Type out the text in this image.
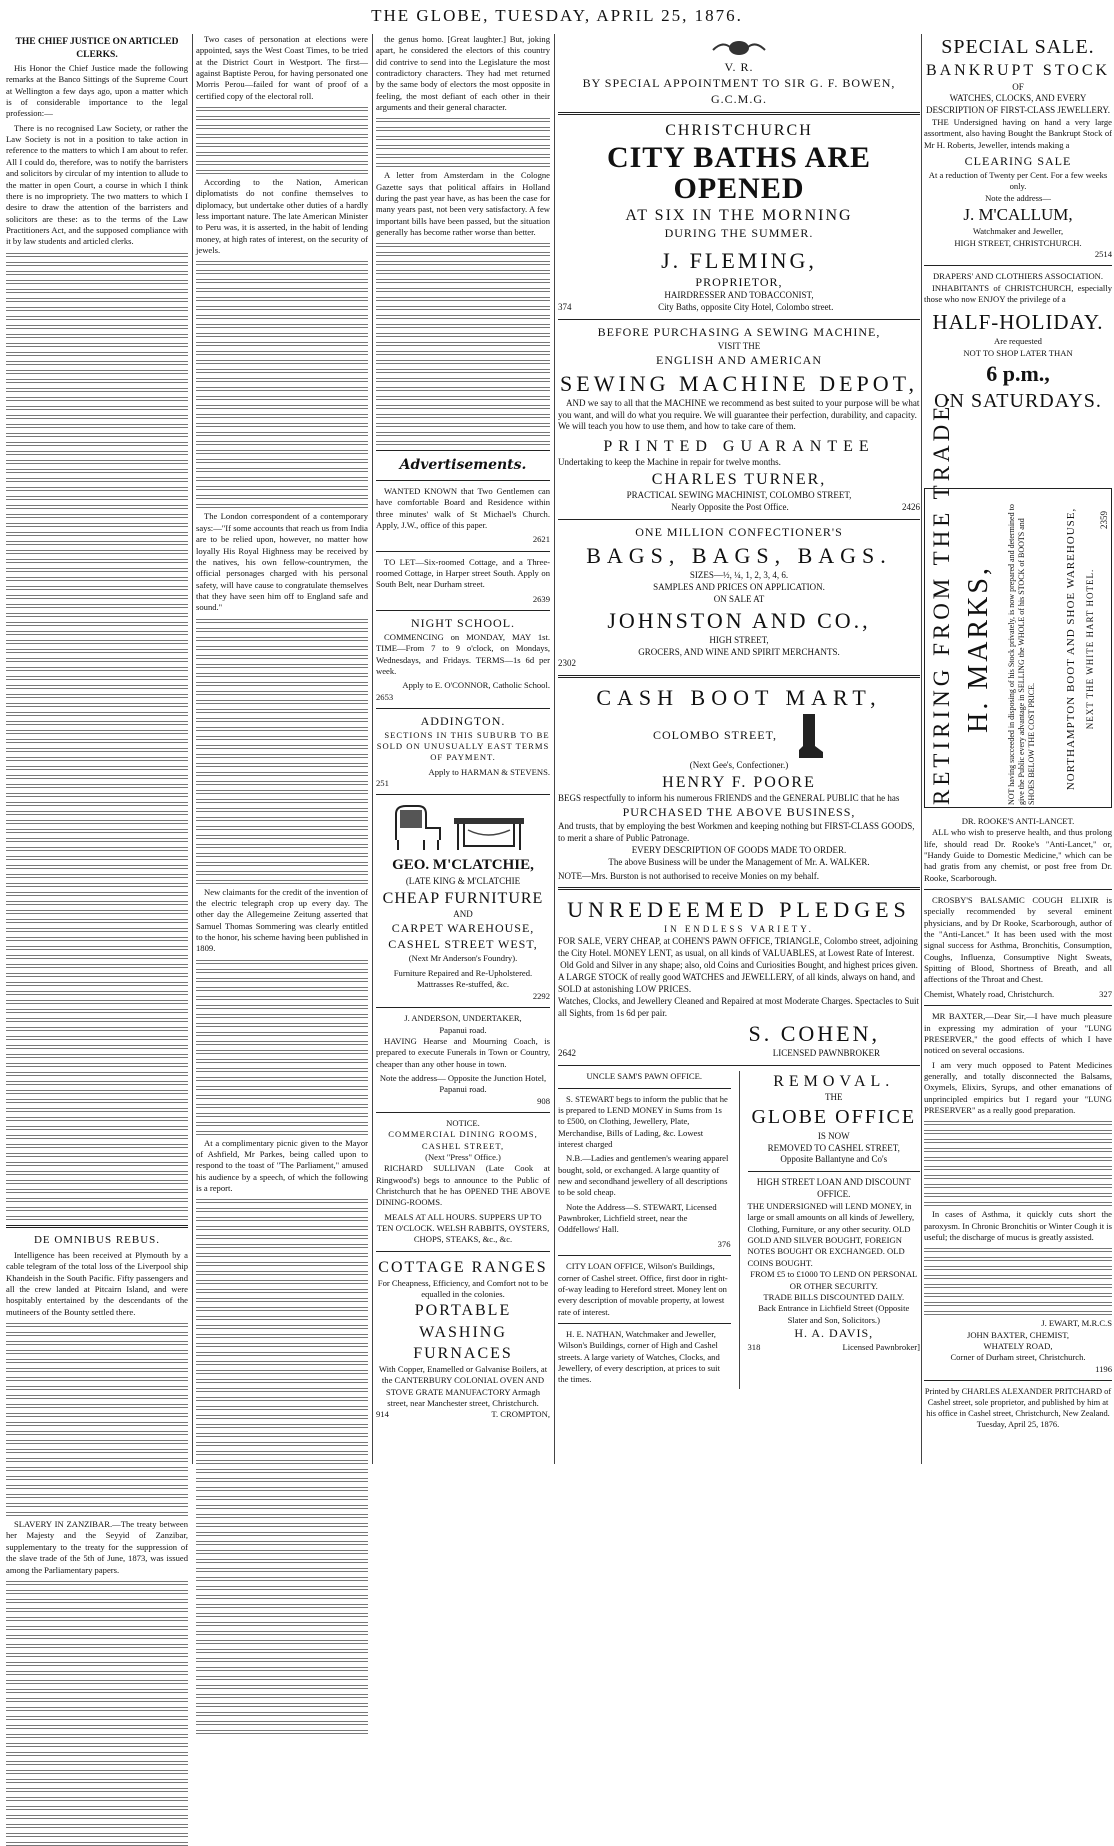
THE GLOBE, TUESDAY, APRIL 25, 1876.
THE CHIEF JUSTICE ON ARTICLED CLERKS.

His Honor the Chief Justice made the following remarks at the Banco Sittings of the Supreme Court at Wellington a few days ago, upon a matter which is of considerable importance to the legal profession:—

There is no recognised Law Society, or rather the Law Society is not in a position to take action in reference to the matters to which I am about to refer. All I could do, therefore, was to notify the barristers and solicitors by circular of my intention to allude to the matter in open Court, a course in which I think there is no impropriety. The two matters to which I desire to draw the attention of the barristers and solicitors are these: as to the terms of the Law Practitioners Act, and the supposed compliance with it by law students and articled clerks.

DE OMNIBUS REBUS.

Intelligence has been received at Plymouth by a cable telegram of the total loss of the Liverpool ship Khandeish in the South Pacific. Fifty passengers and all the crew landed at Pitcairn Island, and were hospitably entertained by the descendants of the mutineers of the Bounty settled there.

SLAVERY IN ZANZIBAR.—The treaty between her Majesty and the Seyyid of Zanzibar, supplementary to the treaty for the suppression of the slave trade of the 5th of June, 1873, was issued among the Parliamentary papers.

Two cases of personation at elections were appointed, says the West Coast Times, to be tried at the District Court in Westport. The first—against Baptiste Perou, for having personated one Morris Perou—failed for want of proof of a certified copy of the electoral roll.

According to the Nation, American diplomatists do not confine themselves to diplomacy, but undertake other duties of a hardly less important nature. The late American Minister to Peru was, it is asserted, in the habit of lending money, at high rates of interest, on the security of jewels.

The London correspondent of a contemporary says:—"If some accounts that reach us from India are to be relied upon, however, no matter how loyally His Royal Highness may be received by the natives, his own fellow-countrymen, the official personages charged with his personal safety, will have cause to congratulate themselves that they have seen him off to England safe and sound."

New claimants for the credit of the invention of the electric telegraph crop up every day. The other day the Allegemeine Zeitung asserted that Samuel Thomas Sommering was clearly entitled to the honor, his scheme having been published in 1809.

At a complimentary picnic given to the Mayor of Ashfield, Mr Parkes, being called upon to respond to the toast of "The Parliament," amused his audience by a speech, of which the following is a report.

the genus homo. [Great laughter.] But, joking apart, he considered the electors of this country did contrive to send into the Legislature the most contradictory characters. They had met returned by the same body of electors the most opposite in feeling, the most defiant of each other in their arguments and their general character.

A letter from Amsterdam in the Cologne Gazette says that political affairs in Holland during the past year have, as has been the case for many years past, not been very satisfactory. A few important bills have been passed, but the situation generally has become rather worse than better.

Advertisements.

WANTED KNOWN that Two Gentlemen can have comfortable Board and Residence within three minutes' walk of St Michael's Church. Apply, J.W., office of this paper.

2621

TO LET—Six-roomed Cottage, and a Three-roomed Cottage, in Harper street South. Apply on South Belt, near Durham street.

2639
NIGHT SCHOOL.

COMMENCING on MONDAY, MAY 1st. TIME—From 7 to 9 o'clock, on Mondays, Wednesdays, and Fridays. TERMS—1s 6d per week.

Apply to E. O'CONNOR, Catholic School.
2653
ADDINGTON.

SECTIONS IN THIS SUBURB TO BE SOLD ON UNUSUALLY EAST TERMS OF PAYMENT.

Apply to HARMAN & STEVENS.
251
GEO. M'CLATCHIE,
(LATE KING & M'CLATCHIE
CHEAP FURNITURE
AND
CARPET WAREHOUSE,
CASHEL STREET WEST,
(Next Mr Anderson's Foundry).
Furniture Repaired and Re-Upholstered. Mattrasses Re-stuffed, &c.
2292
J. ANDERSON, UNDERTAKER,
Papanui road.

HAVING Hearse and Mourning Coach, is prepared to execute Funerals in Town or Country, cheaper than any other house in town.

Note the address— Opposite the Junction Hotel, Papanui road.
908
NOTICE.
COMMERCIAL DINING ROOMS, CASHEL STREET,
(Next "Press" Office.)

RICHARD SULLIVAN (Late Cook at Ringwood's) begs to announce to the Public of Christchurch that he has OPENED THE ABOVE DINING-ROOMS.

MEALS AT ALL HOURS. SUPPERS UP TO TEN O'CLOCK. WELSH RABBITS, OYSTERS, CHOPS, STEAKS, &c., &c.
COTTAGE RANGES
For Cheapness, Efficiency, and Comfort not to be equalled in the colonies.
PORTABLE WASHING FURNACES
With Copper, Enamelled or Galvanise Boilers, at the CANTERBURY COLONIAL OVEN AND STOVE GRATE MANUFACTORY Armagh street, near Manchester street, Christchurch.
914	T. CROMPTON,
V. R.
BY SPECIAL APPOINTMENT TO SIR G. F. BOWEN, G.C.M.G.
CHRISTCHURCH
CITY BATHS ARE OPENED
AT SIX IN THE MORNING
DURING THE SUMMER.
J. FLEMING,
PROPRIETOR,
HAIRDRESSER AND TOBACCONIST,
374	City Baths, opposite City Hotel, Colombo street.
BEFORE PURCHASING A SEWING MACHINE,
VISIT THE
ENGLISH AND AMERICAN
SEWING MACHINE DEPOT,

AND we say to all that the MACHINE we recommend as best suited to your purpose will be what you want, and will do what you require. We will guarantee their perfection, durability, and capacity. We will teach you how to use them, and how to take care of them.

PRINTED GUARANTEE
Undertaking to keep the Machine in repair for twelve months.
CHARLES TURNER,
PRACTICAL SEWING MACHINIST, COLOMBO STREET,
Nearly Opposite the Post Office.	2426
ONE MILLION CONFECTIONER'S
BAGS, BAGS, BAGS.
SIZES—½, ¼, 1, 2, 3, 4, 6.
SAMPLES AND PRICES ON APPLICATION.
ON SALE AT
JOHNSTON AND CO.,
HIGH STREET,
GROCERS, AND WINE AND SPIRIT MERCHANTS.
2302
CASH BOOT MART,
COLOMBO STREET,
(Next Gee's, Confectioner.)
HENRY F. POORE
BEGS respectfully to inform his numerous FRIENDS and the GENERAL PUBLIC that he has
PURCHASED THE ABOVE BUSINESS,
And trusts, that by employing the best Workmen and keeping nothing but FIRST-CLASS GOODS, to merit a share of Public Patronage.
EVERY DESCRIPTION OF GOODS MADE TO ORDER.
The above Business will be under the Management of Mr. A. WALKER.
NOTE—Mrs. Burston is not authorised to receive Monies on my behalf.
UNREDEEMED PLEDGES
IN ENDLESS VARIETY.
FOR SALE, VERY CHEAP, at COHEN'S PAWN OFFICE, TRIANGLE, Colombo street, adjoining the City Hotel. MONEY LENT, as usual, on all kinds of VALUABLES, at Lowest Rate of Interest.
Old Gold and Silver in any shape; also, old Coins and Curiosities Bought, and highest prices given.
A LARGE STOCK of really good WATCHES and JEWELLERY, of all kinds, always on hand, and SOLD at astonishing LOW PRICES.
Watches, Clocks, and Jewellery Cleaned and Repaired at most Moderate Charges. Spectacles to Suit all Sights, from 1s 6d per pair.
S. COHEN,
2642	LICENSED PAWNBROKER
UNCLE SAM'S PAWN OFFICE.

S. STEWART begs to inform the public that he is prepared to LEND MONEY in Sums from 1s to £500, on Clothing, Jewellery, Plate, Merchandise, Bills of Lading, &c. Lowest interest charged

N.B.—Ladies and gentlemen's wearing apparel bought, sold, or exchanged. A large quantity of new and secondhand jewellery of all descriptions to be sold cheap.

Note the Address—S. STEWART, Licensed Pawnbroker, Lichfield street, near the Oddfellows' Hall.

376

CITY LOAN OFFICE, Wilson's Buildings, corner of Cashel street. Office, first door in right-of-way leading to Hereford street. Money lent on every description of movable property, at lowest rate of interest.

H. E. NATHAN, Watchmaker and Jeweller, Wilson's Buildings, corner of High and Cashel streets. A large variety of Watches, Clocks, and Jewellery, of every description, at prices to suit the times.

REMOVAL.
THE
GLOBE OFFICE
IS NOW
REMOVED TO CASHEL STREET,
Opposite Ballantyne and Co's
HIGH STREET LOAN AND DISCOUNT OFFICE.
THE UNDERSIGNED will LEND MONEY, in large or small amounts on all kinds of Jewellery, Clothing, Furniture, or any other security. OLD GOLD AND SILVER BOUGHT, FOREIGN NOTES BOUGHT OR EXCHANGED. OLD COINS BOUGHT.
FROM £5 to £1000 TO LEND ON PERSONAL OR OTHER SECURITY.
TRADE BILLS DISCOUNTED DAILY.
Back Entrance in Lichfield Street (Opposite Slater and Son, Solicitors.)
H. A. DAVIS,
318	Licensed Pawnbroker]
SPECIAL SALE.
BANKRUPT STOCK
OF
WATCHES, CLOCKS, AND EVERY DESCRIPTION OF FIRST-CLASS JEWELLERY.

THE Undersigned having on hand a very large assortment, also having Bought the Bankrupt Stock of Mr H. Roberts, Jeweller, intends making a

CLEARING SALE
At a reduction of Twenty per Cent. For a few weeks only.
Note the address—
J. M'CALLUM,
Watchmaker and Jeweller,
HIGH STREET, CHRISTCHURCH.
2514
DRAPERS' AND CLOTHIERS ASSOCIATION.

INHABITANTS of CHRISTCHURCH, especially those who now ENJOY the privilege of a

HALF-HOLIDAY.
Are requested
NOT TO SHOP LATER THAN
6 p.m.,
ON SATURDAYS.
RETIRING FROM THE TRADE. H. MARKS, NOT having succeeded in disposing of his Stock privately, is now prepared and determined to give the Public every advantage in SELLING the WHOLE of his STOCK of BOOTS and SHOES BELOW THE COST PRICE.	NORTHAMPTON BOOT AND SHOE WAREHOUSE, NEXT THE WHITE HART HOTEL.
2359
DR. ROOKE'S ANTI-LANCET.

ALL who wish to preserve health, and thus prolong life, should read Dr. Rooke's "Anti-Lancet," or, "Handy Guide to Domestic Medicine," which can be had gratis from any chemist, or post free from Dr. Rooke, Scarborough.

CROSBY'S BALSAMIC COUGH ELIXIR is specially recommended by several eminent physicians, and by Dr Rooke, Scarborough, author of the "Anti-Lancet." It has been used with the most signal success for Asthma, Bronchitis, Consumption, Coughs, Influenza, Consumptive Night Sweats, Spitting of Blood, Shortness of Breath, and all affections of the Throat and Chest.

Chemist, Whately road, Christchurch.	327

MR BAXTER,—Dear Sir,—I have much pleasure in expressing my admiration of your "LUNG PRESERVER," the good effects of which I have noticed on several occasions.

I am very much opposed to Patent Medicines generally, and totally disconnected the Balsams, Oxymels, Elixirs, Syrups, and other emanations of unprincipled empirics but I regard your "LUNG PRESERVER" as a really good preparation.

In cases of Asthma, it quickly cuts short the paroxysm. In Chronic Bronchitis or Winter Cough it is useful; the discharge of mucus is greatly assisted.

J. EWART, M.R.C.S
JOHN BAXTER, CHEMIST,
WHATELY ROAD,
Corner of Durham street, Christchurch.
1196
Printed by CHARLES ALEXANDER PRITCHARD of Cashel street, sole proprietor, and published by him at his office in Cashel street, Christchurch, New Zealand. Tuesday, April 25, 1876.
